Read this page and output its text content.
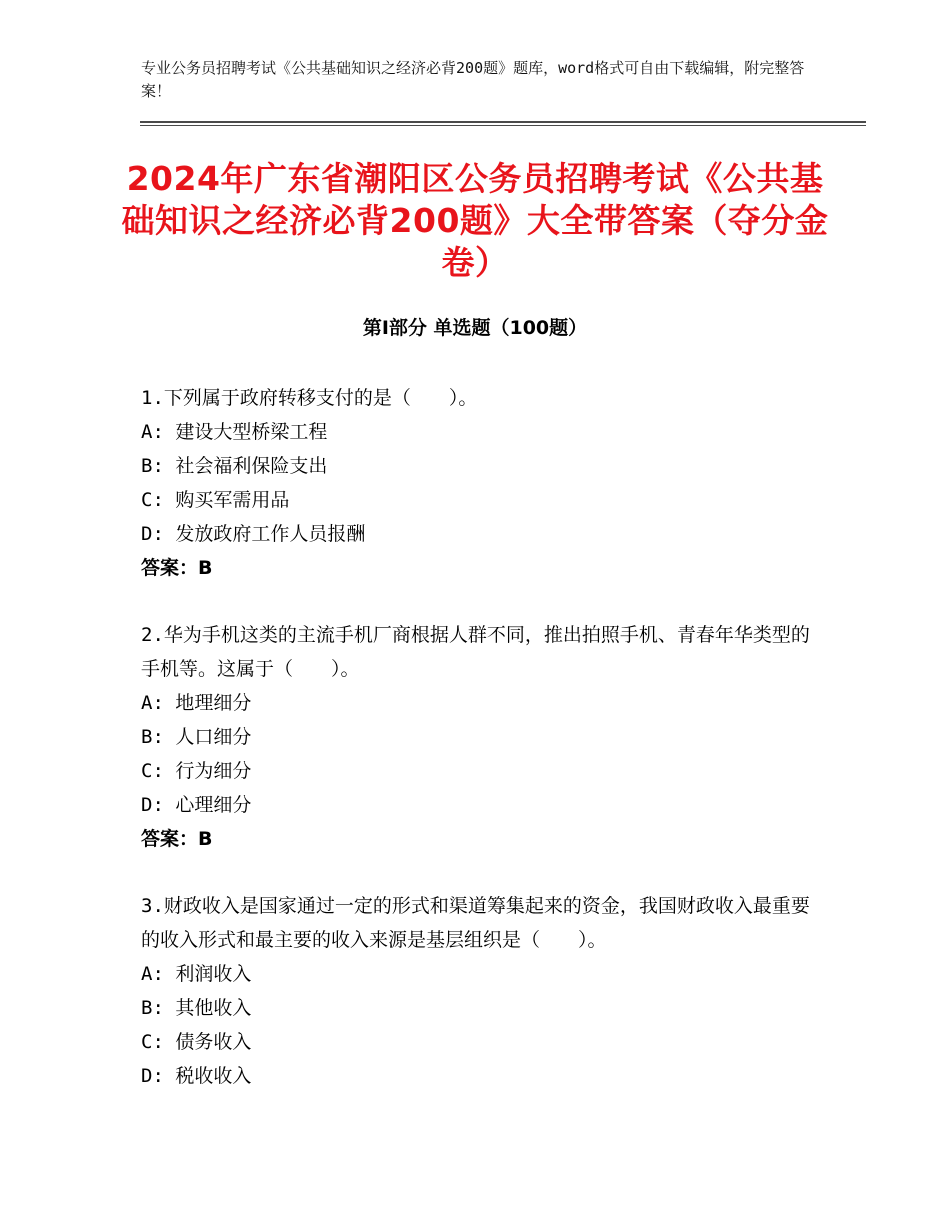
专业公务员招聘考试《公共基础知识之经济必背200题》题库，word格式可自由下载编辑，附完整答案！
2024年广东省潮阳区公务员招聘考试《公共基础知识之经济必背200题》大全带答案（夺分金卷）
第Ⅰ部分 单选题（100题）
1.下列属于政府转移支付的是（　　）。
A: 建设大型桥梁工程
B: 社会福利保险支出
C: 购买军需用品
D: 发放政府工作人员报酬
答案：B
2.华为手机这类的主流手机厂商根据人群不同，推出拍照手机、青春年华类型的手机等。这属于（　　）。
A: 地理细分
B: 人口细分
C: 行为细分
D: 心理细分
答案：B
3.财政收入是国家通过一定的形式和渠道筹集起来的资金，我国财政收入最重要的收入形式和最主要的收入来源是基层组织是（　　）。
A: 利润收入
B: 其他收入
C: 债务收入
D: 税收收入
